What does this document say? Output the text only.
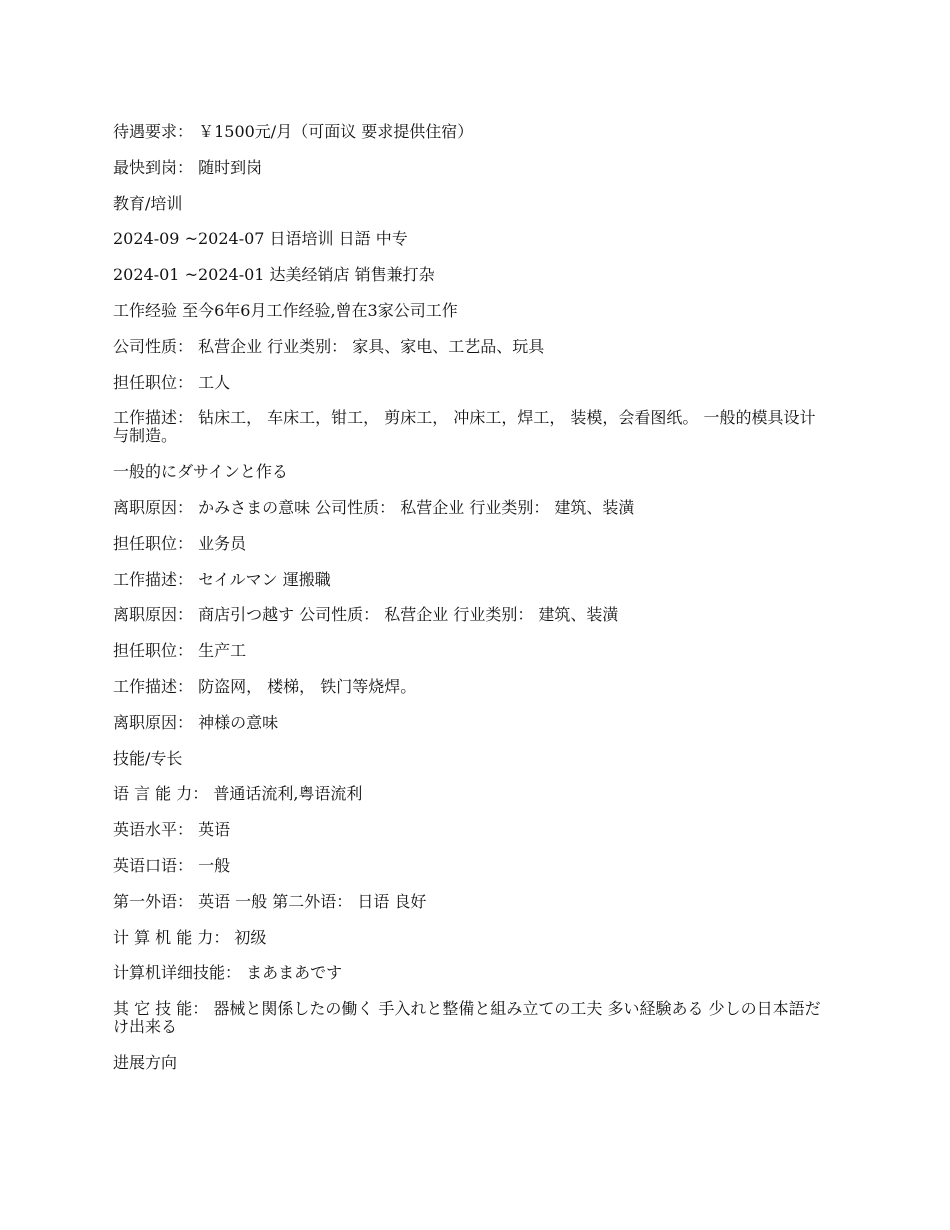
待遇要求： ￥1500元/月（可面议 要求提供住宿）
最快到岗： 随时到岗
教育/培训
2024-09 ~2024-07 日语培训 日語 中专
2024-01 ~2024-01 达美经销店 销售兼打杂
工作经验 至今6年6月工作经验,曾在3家公司工作
公司性质： 私营企业 行业类别： 家具、家电、工艺品、玩具
担任职位： 工人
工作描述： 钻床工， 车床工，钳工， 剪床工， 冲床工，焊工， 装模，会看图纸。 一般的模具设计与制造。
一般的にダサインと作る
离职原因： かみさまの意味 公司性质： 私营企业 行业类别： 建筑、装潢
担任职位： 业务员
工作描述： セイルマン 運搬職
离职原因： 商店引つ越す 公司性质： 私营企业 行业类别： 建筑、装潢
担任职位： 生产工
工作描述： 防盗网， 楼梯， 铁门等烧焊。
离职原因： 神様の意味
技能/专长
语 言 能 力： 普通话流利,粤语流利
英语水平： 英语
英语口语： 一般
第一外语： 英语 一般 第二外语： 日语 良好
计 算 机 能 力： 初级
计算机详细技能： まあまあです
其 它 技 能： 器械と関係したの働く 手入れと整備と組み立ての工夫 多い経験ある 少しの日本語だけ出来る
进展方向
